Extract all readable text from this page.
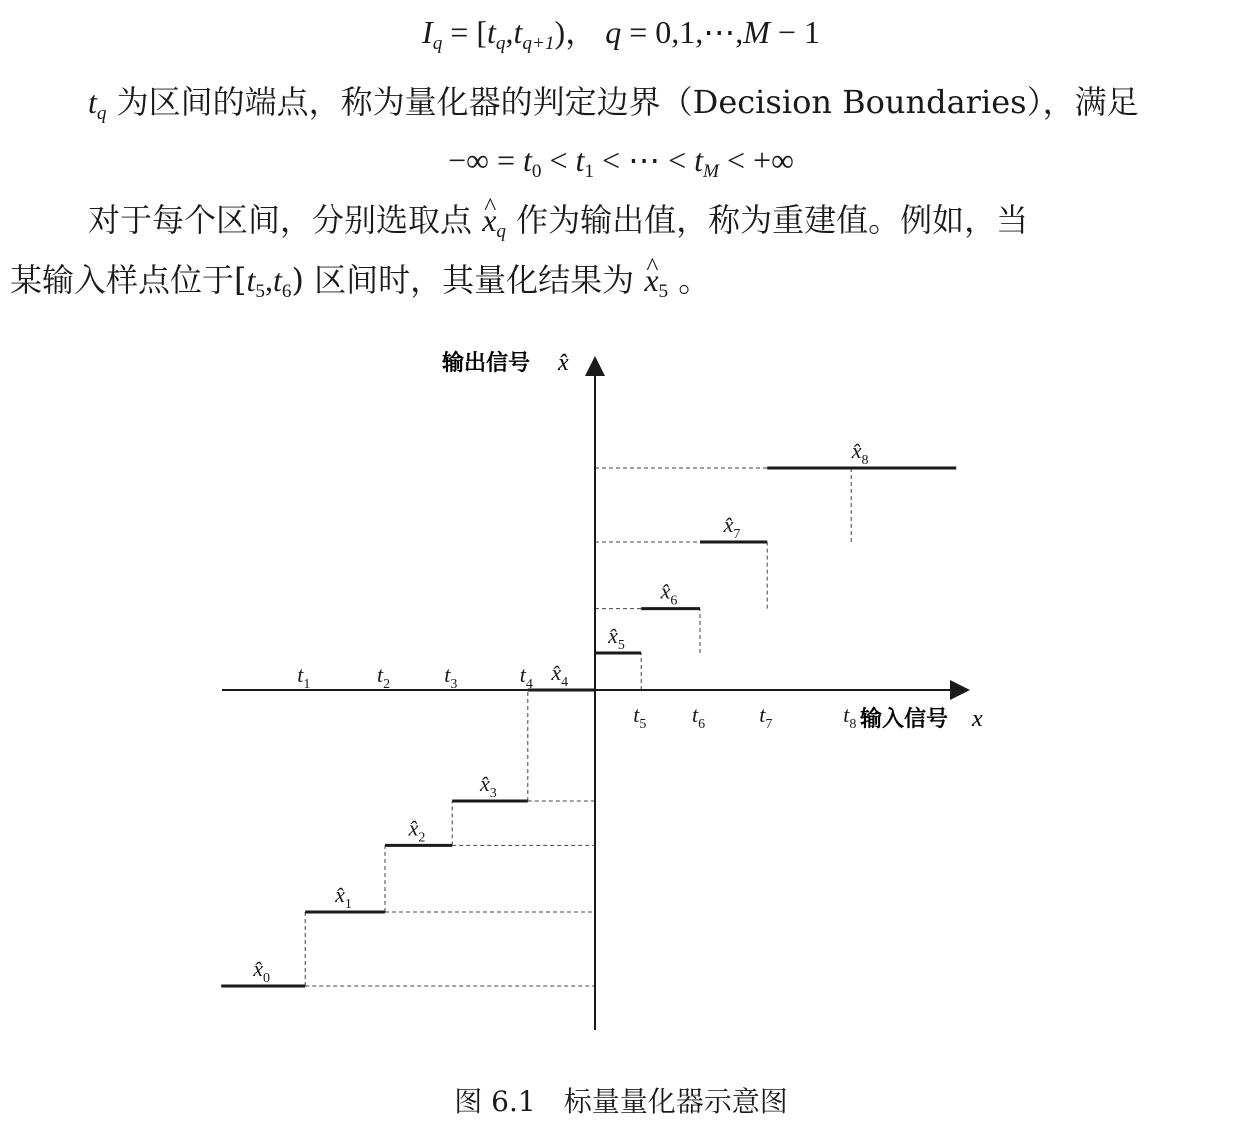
$I_q = [t_q,t_{q+1})$， q = 0,1,⋯,M − 1
$t_q$ 为区间的端点，称为量化器的判定边界（Decision Boundaries），满足
−∞ = $t_0 < t_1$ < ⋯ < $t_M$ < +∞
对于每个区间，分别选取点 ^ $x_q$ 作为输出值，称为重建值。例如，当
某输入样点位于$[t_5,t_6)$ 区间时，其量化结果为 ^ $x_5$ 。
$t_1$	$t_2$ $t_3$	$t_4$
$t_5$ $t_6$ $t_7$	$t_8$
$x̂_0$
$x̂_1$
$x̂_2$
$x̂_3$
$x̂_4$
$x̂_5$
$x̂_6$
$x̂_7$
$x̂_8$
输出信号 x̂
输入信号 x
图 6.1　标量量化器示意图
